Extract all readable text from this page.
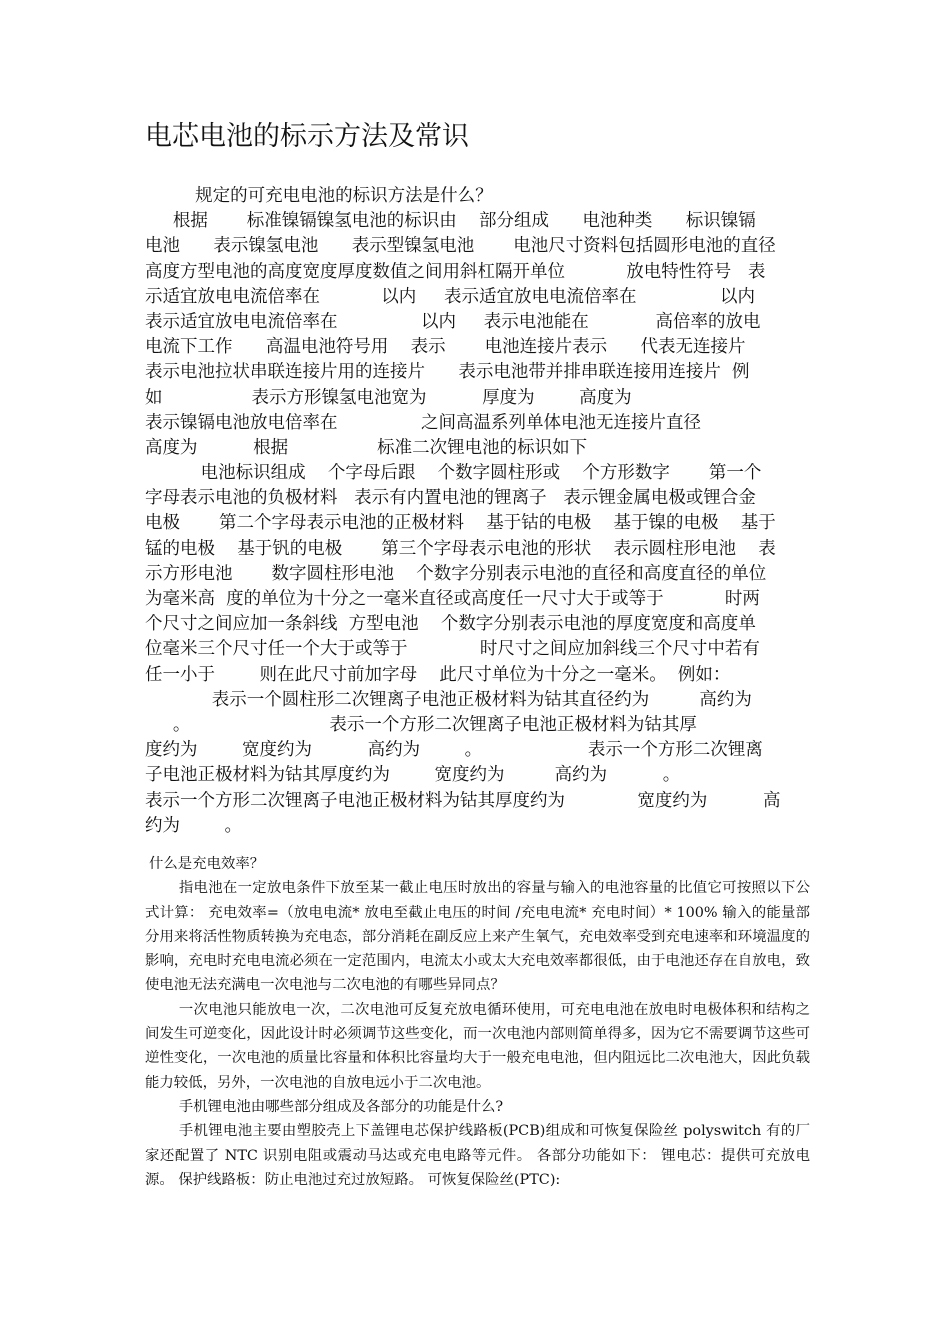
电芯电池的标示方法及常识
规定的可充电电池的标识方法是什么？
根据       标准镍镉镍氢电池的标识由    部分组成      电池种类      标识镍镉
电池      表示镍氢电池      表示型镍氢电池       电池尺寸资料包括圆形电池的直径
高度方型电池的高度宽度厚度数值之间用斜杠隔开单位           放电特性符号   表
示适宜放电电流倍率在           以内     表示适宜放电电流倍率在               以内
表示适宜放电电流倍率在               以内     表示电池能在            高倍率的放电
电流下工作      高温电池符号用    表示       电池连接片表示      代表无连接片
表示电池拉状串联连接片用的连接片      表示电池带并排串联连接用连接片  例
如                表示方形镍氢电池宽为          厚度为        高度为
表示镍镉电池放电倍率在               之间高温系列单体电池无连接片直径
高度为          根据                标准二次锂电池的标识如下
电池标识组成    个字母后跟    个数字圆柱形或    个方形数字       第一个
字母表示电池的负极材料   表示有内置电池的锂离子   表示锂金属电极或锂合金
电极       第二个字母表示电池的正极材料    基于钴的电极    基于镍的电极    基于
锰的电极    基于钒的电极       第三个字母表示电池的形状    表示圆柱形电池    表
示方形电池       数字圆柱形电池    个数字分别表示电池的直径和高度直径的单位
为毫米高  度的单位为十分之一毫米直径或高度任一尺寸大于或等于           时两
个尺寸之间应加一条斜线  方型电池    个数字分别表示电池的厚度宽度和高度单
位毫米三个尺寸任一个大于或等于             时尺寸之间应加斜线三个尺寸中若有
任一小于        则在此尺寸前加字母    此尺寸单位为十分之一毫米。  例如：
表示一个圆柱形二次锂离子电池正极材料为钴其直径约为         高约为
。                         表示一个方形二次锂离子电池正极材料为钴其厚
度约为        宽度约为          高约为        。                   表示一个方形二次锂离
子电池正极材料为钴其厚度约为        宽度约为         高约为          。
表示一个方形二次锂离子电池正极材料为钴其厚度约为             宽度约为          高
约为        。
什么是充电效率？

指电池在一定放电条件下放至某一截止电压时放出的容量与输入的电池容量的比值它可按照以下公式计算： 充电效率=（放电电流* 放电至截止电压的时间 /充电电流* 充电时间）* 100% 输入的能量部分用来将活性物质转换为充电态，部分消耗在副反应上来产生氧气，充电效率受到充电速率和环境温度的影响，充电时充电电流必须在一定范围内，电流太小或太大充电效率都很低，由于电池还存在自放电，致使电池无法充满电一次电池与二次电池的有哪些异同点？

一次电池只能放电一次，二次电池可反复充放电循环使用，可充电电池在放电时电极体积和结构之间发生可逆变化，因此设计时必须调节这些变化，而一次电池内部则简单得多，因为它不需要调节这些可逆性变化，一次电池的质量比容量和体积比容量均大于一般充电电池，但内阻远比二次电池大，因此负载能力较低，另外，一次电池的自放电远小于二次电池。

手机锂电池由哪些部分组成及各部分的功能是什么?

手机锂电池主要由塑胶壳上下盖锂电芯保护线路板(PCB)组成和可恢复保险丝 polyswitch 有的厂家还配置了 NTC 识别电阻或震动马达或充电电路等元件。 各部分功能如下： 锂电芯：提供可充放电源。 保护线路板：防止电池过充过放短路。 可恢复保险丝(PTC):
